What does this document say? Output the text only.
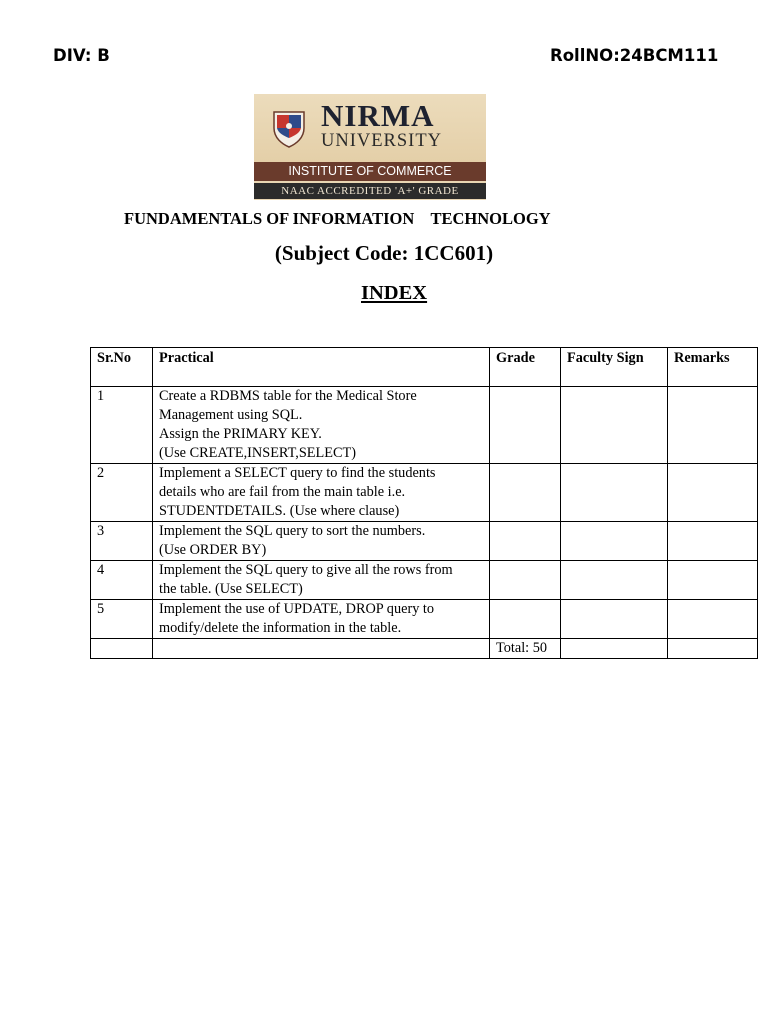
DIV: B	RollNO:24BCM111
NIRMA
UNIVERSITY
INSTITUTE OF COMMERCE
NAAC ACCREDITED 'A+' GRADE
FUNDAMENTALS OF INFORMATION    TECHNOLOGY
(Subject Code: 1CC601)
INDEX
Sr.No	Practical	Grade	Faculty Sign	Remarks
1	Create a RDBMS table for the Medical Store
Management using SQL.
Assign the PRIMARY KEY.
(Use CREATE,INSERT,SELECT)			

2	Implement a SELECT query to find the students
details who are fail from the main table i.e.
STUDENTDETAILS. (Use where clause)			

3	Implement the SQL query to sort the numbers.
(Use ORDER BY)			

4	Implement the SQL query to give all the rows from
the table. (Use SELECT)			

5	Implement the use of UPDATE, DROP query to
modify/delete the information in the table.			

		Total: 50		
